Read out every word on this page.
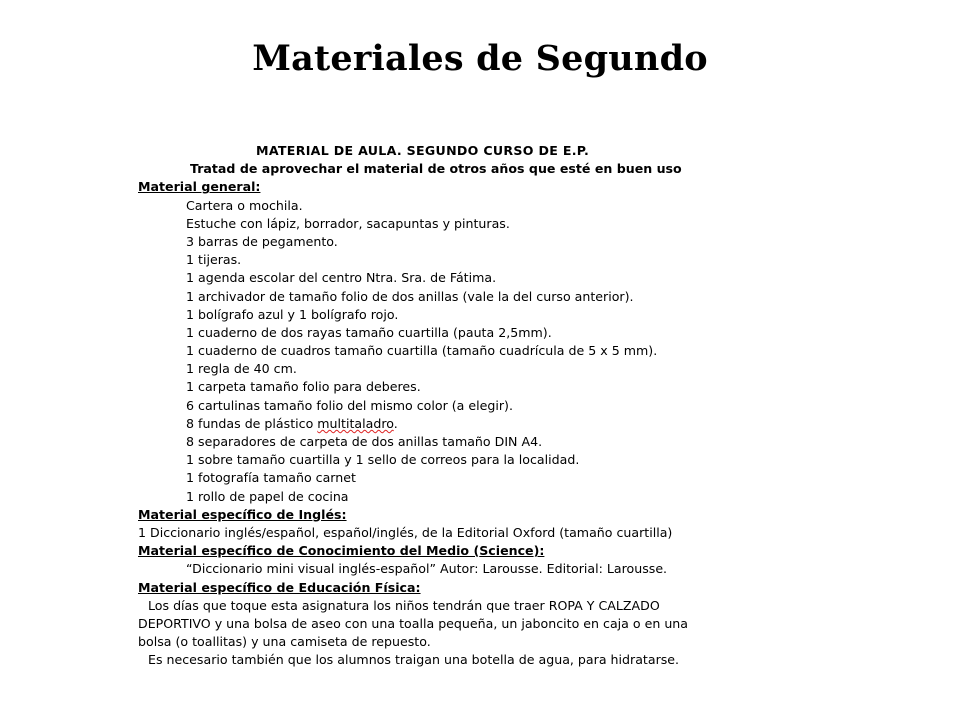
Materiales de Segundo
MATERIAL DE AULA. SEGUNDO CURSO DE E.P.
Tratad de aprovechar el material de otros años que esté en buen uso
Material general:
Cartera o mochila.
Estuche con lápiz, borrador, sacapuntas y pinturas.
3 barras de pegamento.
1 tijeras.
1 agenda escolar del centro Ntra. Sra. de Fátima.
1 archivador de tamaño folio de dos anillas (vale la del curso anterior).
1 bolígrafo azul y 1 bolígrafo rojo.
1 cuaderno de dos rayas tamaño cuartilla (pauta 2,5mm).
1 cuaderno de cuadros tamaño cuartilla (tamaño cuadrícula de 5 x 5 mm).
1 regla de 40 cm.
1 carpeta tamaño folio para deberes.
6 cartulinas tamaño folio del mismo color (a elegir).
8 fundas de plástico multitaladro.
8 separadores de carpeta de dos anillas tamaño DIN A4.
1 sobre tamaño cuartilla y 1 sello de correos para la localidad.
1 fotografía tamaño carnet
1 rollo de papel de cocina
Material específico de Inglés:
1 Diccionario inglés/español, español/inglés, de la Editorial Oxford (tamaño cuartilla)
Material específico de Conocimiento del Medio (Science):
“Diccionario mini visual inglés-español” Autor: Larousse. Editorial: Larousse.
Material específico de Educación Física:
Los días que toque esta asignatura los niños tendrán que traer ROPA Y CALZADO
DEPORTIVO y una bolsa de aseo con una toalla pequeña, un jaboncito en caja o en una
bolsa (o toallitas) y una camiseta de repuesto.
Es necesario también que los alumnos traigan una botella de agua, para hidratarse.
